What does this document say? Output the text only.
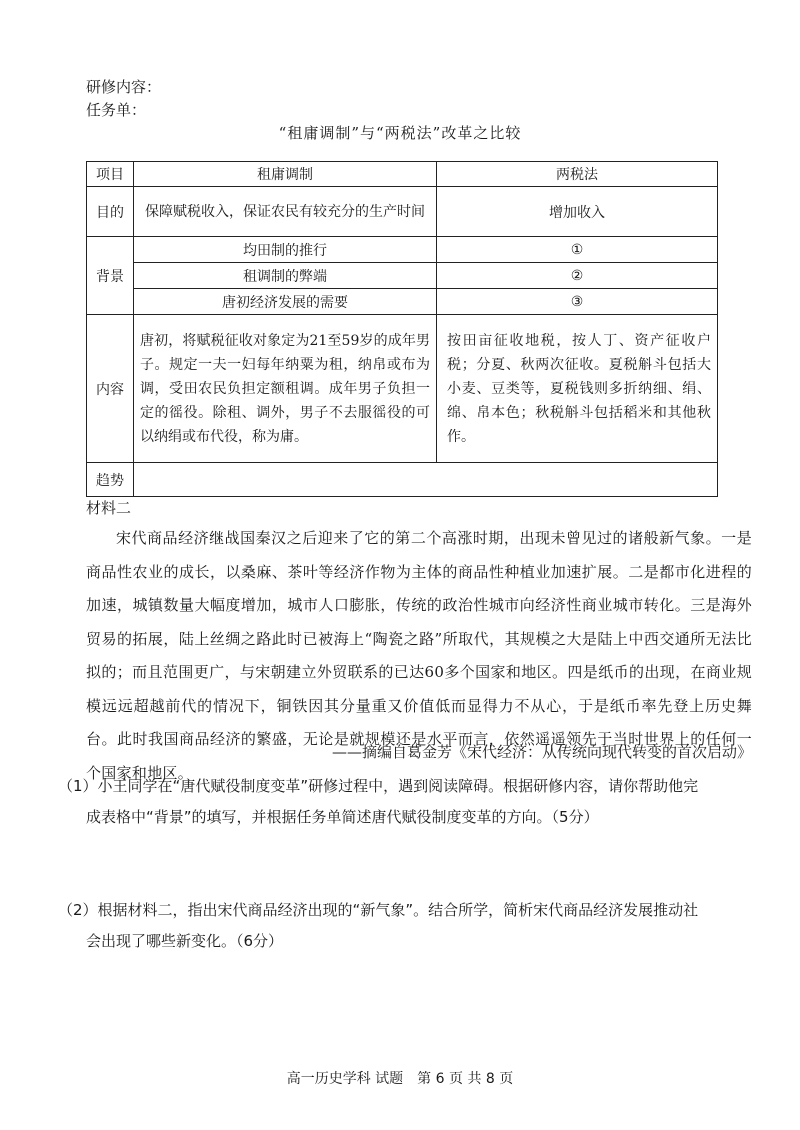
研修内容：
任务单：
“租庸调制”与“两税法”改革之比较
项目	租庸调制	两税法
目的	保障赋税收入，保证农民有较充分的生产时间	增加收入
背景	均田制的推行	①
	租调制的弊端	②
	唐初经济发展的需要	③
内容	唐初，将赋税征收对象定为21至59岁的成年男子。规定一夫一妇每年纳粟为租，纳帛或布为调，受田农民负担定额租调。成年男子负担一定的徭役。除租、调外，男子不去服徭役的可以纳绢或布代役，称为庸。	按田亩征收地税，按人丁、资产征收户税；分夏、秋两次征收。夏税斛斗包括大小麦、豆类等，夏税钱则多折纳细、绢、绵、帛本色；秋税斛斗包括稻米和其他秋作。
趋势		
材料二
宋代商品经济继战国秦汉之后迎来了它的第二个高涨时期，出现未曾见过的诸般新气象。一是商品性农业的成长，以桑麻、茶叶等经济作物为主体的商品性种植业加速扩展。二是都市化进程的加速，城镇数量大幅度增加，城市人口膨胀，传统的政治性城市向经济性商业城市转化。三是海外贸易的拓展，陆上丝绸之路此时已被海上“陶瓷之路”所取代，其规模之大是陆上中西交通所无法比拟的；而且范围更广，与宋朝建立外贸联系的已达60多个国家和地区。四是纸币的出现，在商业规模远远超越前代的情况下，铜铁因其分量重又价值低而显得力不从心，于是纸币率先登上历史舞台。此时我国商品经济的繁盛，无论是就规模还是水平而言，依然遥遥领先于当时世界上的任何一个国家和地区。
——摘编自葛金芳《宋代经济：从传统向现代转变的首次启动》
（1）小王同学在“唐代赋役制度变革”研修过程中，遇到阅读障碍。根据研修内容，请你帮助他完
成表格中“背景”的填写，并根据任务单简述唐代赋役制度变革的方向。（5分）
（2）根据材料二，指出宋代商品经济出现的“新气象”。结合所学，简析宋代商品经济发展推动社
会出现了哪些新变化。（6分）
高一历史学科 试题　第 6 页 共 8 页
